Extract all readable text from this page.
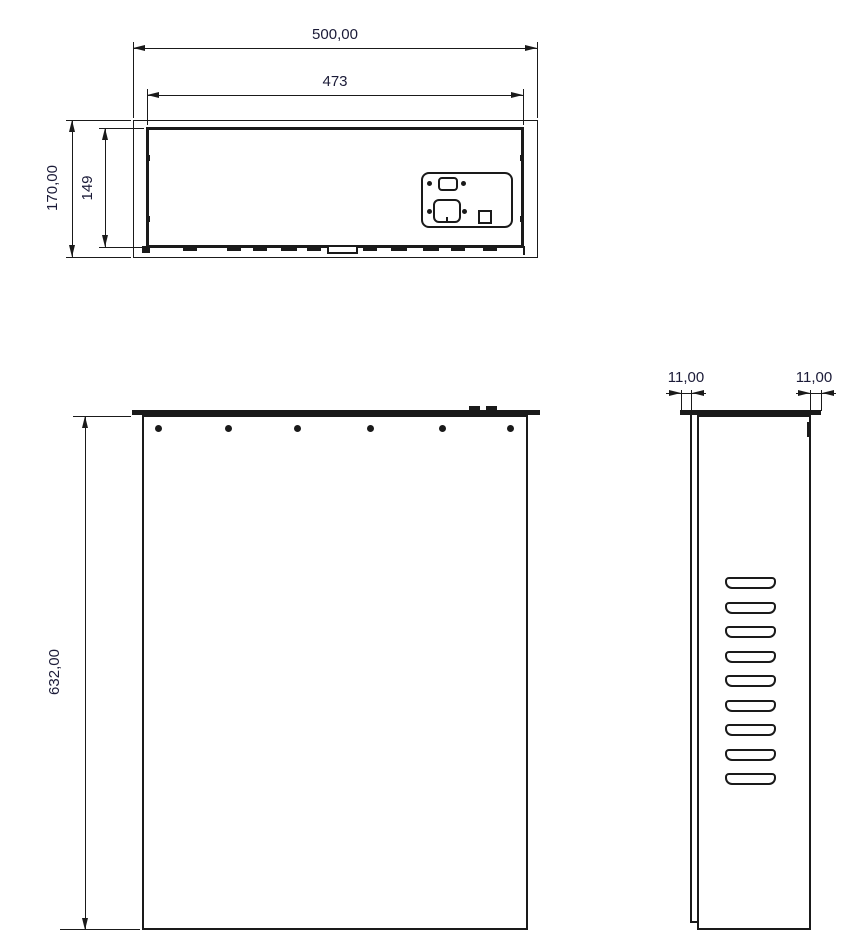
500,00
473
170,00 149
632,00
11,00	11,00
